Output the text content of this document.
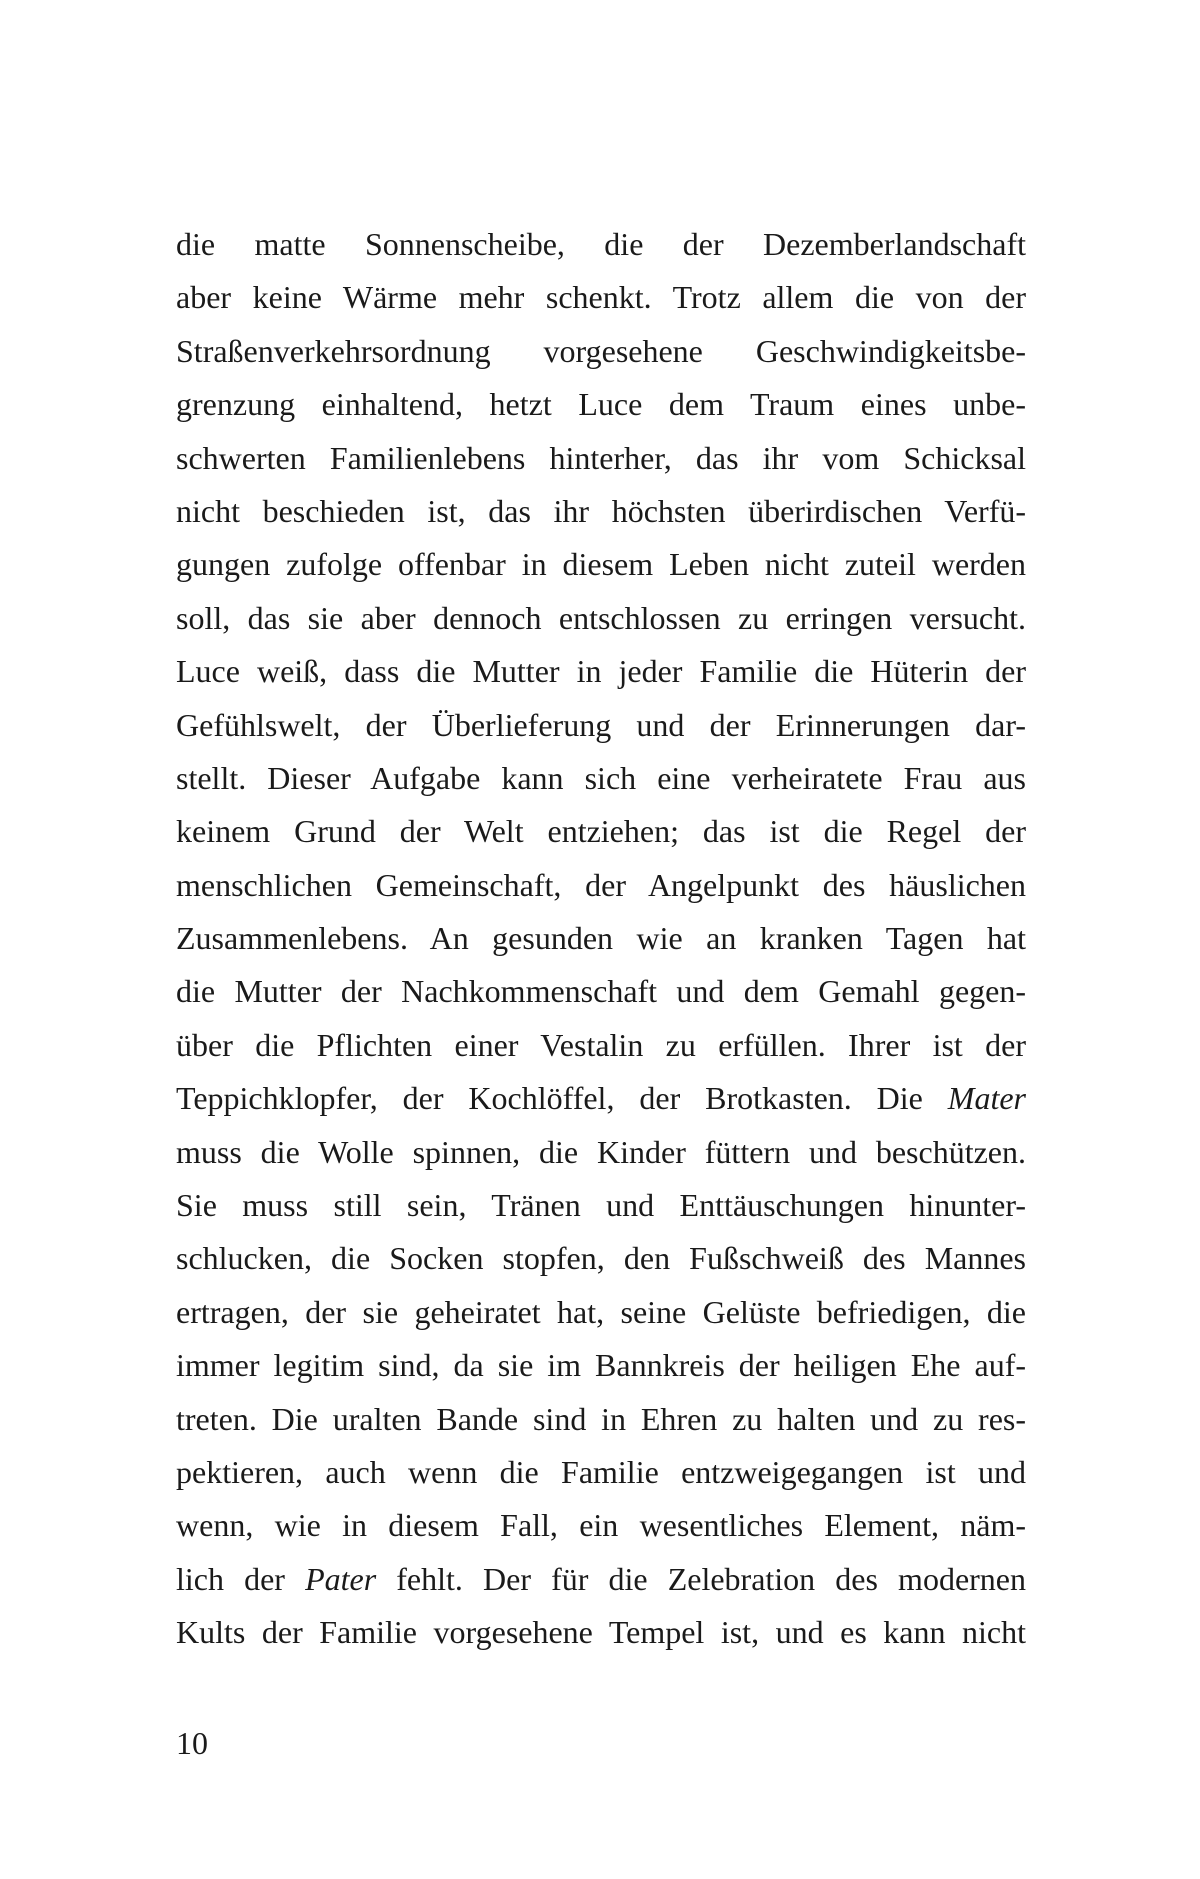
die matte Sonnenscheibe, die der Dezemberlandschaft
aber keine Wärme mehr schenkt. Trotz allem die von der
Straßenverkehrsordnung vorgesehene Geschwindigkeitsbe-
grenzung einhaltend, hetzt Luce dem Traum eines unbe-
schwerten Familienlebens hinterher, das ihr vom Schicksal
nicht beschieden ist, das ihr höchsten überirdischen Verfü-
gungen zufolge offenbar in diesem Leben nicht zuteil werden
soll, das sie aber dennoch entschlossen zu erringen versucht.
Luce weiß, dass die Mutter in jeder Familie die Hüterin der
Gefühlswelt, der Überlieferung und der Erinnerungen dar-
stellt. Dieser Aufgabe kann sich eine verheiratete Frau aus
keinem Grund der Welt entziehen; das ist die Regel der
menschlichen Gemeinschaft, der Angelpunkt des häuslichen
Zusammenlebens. An gesunden wie an kranken Tagen hat
die Mutter der Nachkommenschaft und dem Gemahl gegen-
über die Pflichten einer Vestalin zu erfüllen. Ihrer ist der
Teppichklopfer, der Kochlöffel, der Brotkasten. Die Mater
muss die Wolle spinnen, die Kinder füttern und beschützen.
Sie muss still sein, Tränen und Enttäuschungen hinunter-
schlucken, die Socken stopfen, den Fußschweiß des Mannes
ertragen, der sie geheiratet hat, seine Gelüste befriedigen, die
immer legitim sind, da sie im Bannkreis der heiligen Ehe auf-
treten. Die uralten Bande sind in Ehren zu halten und zu res-
pektieren, auch wenn die Familie entzweigegangen ist und
wenn, wie in diesem Fall, ein wesentliches Element, näm-
lich der Pater fehlt. Der für die Zelebration des modernen
Kults der Familie vorgesehene Tempel ist, und es kann nicht
10
